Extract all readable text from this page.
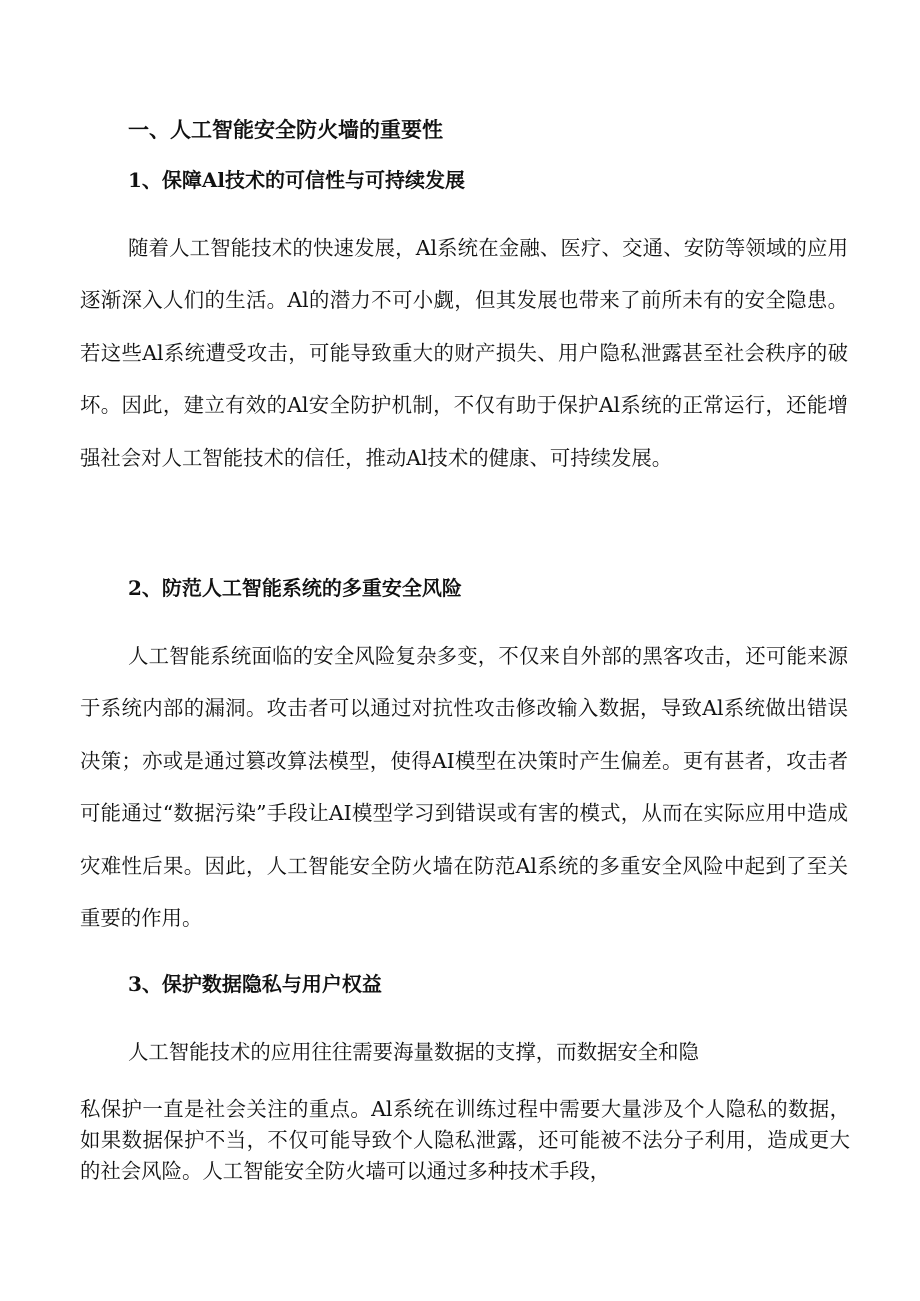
一、人工智能安全防火墙的重要性
1、保障Al技术的可信性与可持续发展

随着人工智能技术的快速发展，Al系统在金融、医疗、交通、安防等领域的应用逐渐深入人们的生活。Al的潜力不可小觑，但其发展也带来了前所未有的安全隐患。若这些Al系统遭受攻击，可能导致重大的财产损失、用户隐私泄露甚至社会秩序的破坏。因此，建立有效的Al安全防护机制，不仅有助于保护Al系统的正常运行，还能增强社会对人工智能技术的信任，推动Al技术的健康、可持续发展。

2、防范人工智能系统的多重安全风险

人工智能系统面临的安全风险复杂多变，不仅来自外部的黑客攻击，还可能来源于系统内部的漏洞。攻击者可以通过对抗性攻击修改输入数据，导致Al系统做出错误决策；亦或是通过篡改算法模型，使得AI模型在决策时产生偏差。更有甚者，攻击者可能通过“数据污染”手段让AI模型学习到错误或有害的模式，从而在实际应用中造成灾难性后果。因此，人工智能安全防火墙在防范Al系统的多重安全风险中起到了至关重要的作用。

3、保护数据隐私与用户权益

人工智能技术的应用往往需要海量数据的支撑，而数据安全和隐

私保护一直是社会关注的重点。Al系统在训练过程中需要大量涉及个人隐私的数据，如果数据保护不当，不仅可能导致个人隐私泄露，还可能被不法分子利用，造成更大的社会风险。人工智能安全防火墙可以通过多种技术手段，
